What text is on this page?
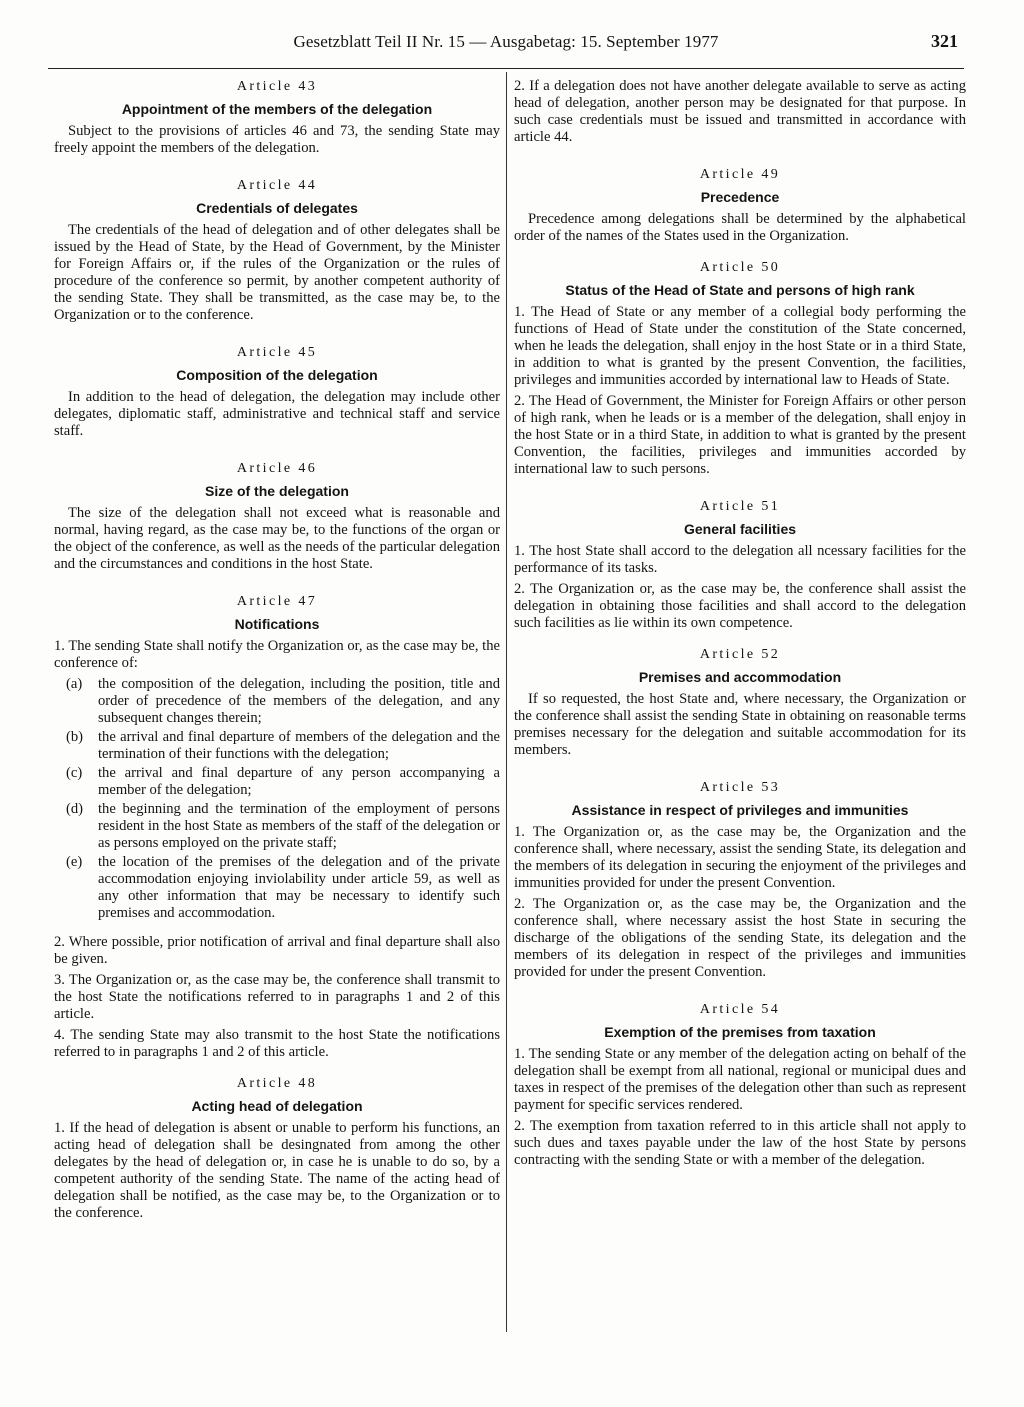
Gesetzblatt Teil II Nr. 15 — Ausgabetag: 15. September 1977	321
Article 43
Appointment of the members of the delegation

Subject to the provisions of articles 46 and 73, the sending State may freely appoint the members of the delegation.

Article 44
Credentials of delegates

The credentials of the head of delegation and of other delegates shall be issued by the Head of State, by the Head of Government, by the Minister for Foreign Affairs or, if the rules of the Organization or the rules of procedure of the conference so permit, by another competent authority of the sending State. They shall be transmitted, as the case may be, to the Organization or to the conference.

Article 45
Composition of the delegation

In addition to the head of delegation, the delegation may include other delegates, diplomatic staff, administrative and technical staff and service staff.

Article 46
Size of the delegation

The size of the delegation shall not exceed what is reasonable and normal, having regard, as the case may be, to the functions of the organ or the object of the conference, as well as the needs of the particular delegation and the circumstances and conditions in the host State.

Article 47
Notifications

1. The sending State shall notify the Organization or, as the case may be, the conference of:

(a)	the composition of the delegation, including the position, title and order of precedence of the members of the delegation, and any subsequent changes therein;
(b)	the arrival and final departure of members of the delegation and the termination of their functions with the delegation;
(c)	the arrival and final departure of any person accompanying a member of the delegation;
(d)	the beginning and the termination of the employment of persons resident in the host State as members of the staff of the delegation or as persons employed on the private staff;
(e)	the location of the premises of the delegation and of the private accommodation enjoying inviolability under article 59, as well as any other information that may be necessary to identify such premises and accommodation.

2. Where possible, prior notification of arrival and final departure shall also be given.

3. The Organization or, as the case may be, the conference shall transmit to the host State the notifications referred to in paragraphs 1 and 2 of this article.

4. The sending State may also transmit to the host State the notifications referred to in paragraphs 1 and 2 of this article.

Article 48
Acting head of delegation

1. If the head of delegation is absent or unable to perform his functions, an acting head of delegation shall be desingnated from among the other delegates by the head of delegation or, in case he is unable to do so, by a competent authority of the sending State. The name of the acting head of delegation shall be notified, as the case may be, to the Organization or to the conference.

2. If a delegation does not have another delegate available to serve as acting head of delegation, another person may be designated for that purpose. In such case credentials must be issued and transmitted in accordance with article 44.

Article 49
Precedence

Precedence among delegations shall be determined by the alphabetical order of the names of the States used in the Organization.

Article 50
Status of the Head of State and persons of high rank

1. The Head of State or any member of a collegial body performing the functions of Head of State under the constitution of the State concerned, when he leads the delegation, shall enjoy in the host State or in a third State, in addition to what is granted by the present Convention, the facilities, privileges and immunities accorded by international law to Heads of State.

2. The Head of Government, the Minister for Foreign Affairs or other person of high rank, when he leads or is a member of the delegation, shall enjoy in the host State or in a third State, in addition to what is granted by the present Convention, the facilities, privileges and immunities accorded by international law to such persons.

Article 51
General facilities

1. The host State shall accord to the delegation all ncessary facilities for the performance of its tasks.

2. The Organization or, as the case may be, the conference shall assist the delegation in obtaining those facilities and shall accord to the delegation such facilities as lie within its own competence.

Article 52
Premises and accommodation

If so requested, the host State and, where necessary, the Organization or the conference shall assist the sending State in obtaining on reasonable terms premises necessary for the delegation and suitable accommodation for its members.

Article 53
Assistance in respect of privileges and immunities

1. The Organization or, as the case may be, the Organization and the conference shall, where necessary, assist the sending State, its delegation and the members of its delegation in securing the enjoyment of the privileges and immunities provided for under the present Convention.

2. The Organization or, as the case may be, the Organization and the conference shall, where necessary assist the host State in securing the discharge of the obligations of the sending State, its delegation and the members of its delegation in respect of the privileges and immunities provided for under the present Convention.

Article 54
Exemption of the premises from taxation

1. The sending State or any member of the delegation acting on behalf of the delegation shall be exempt from all national, regional or municipal dues and taxes in respect of the premises of the delegation other than such as represent payment for specific services rendered.

2. The exemption from taxation referred to in this article shall not apply to such dues and taxes payable under the law of the host State by persons contracting with the sending State or with a member of the delegation.
